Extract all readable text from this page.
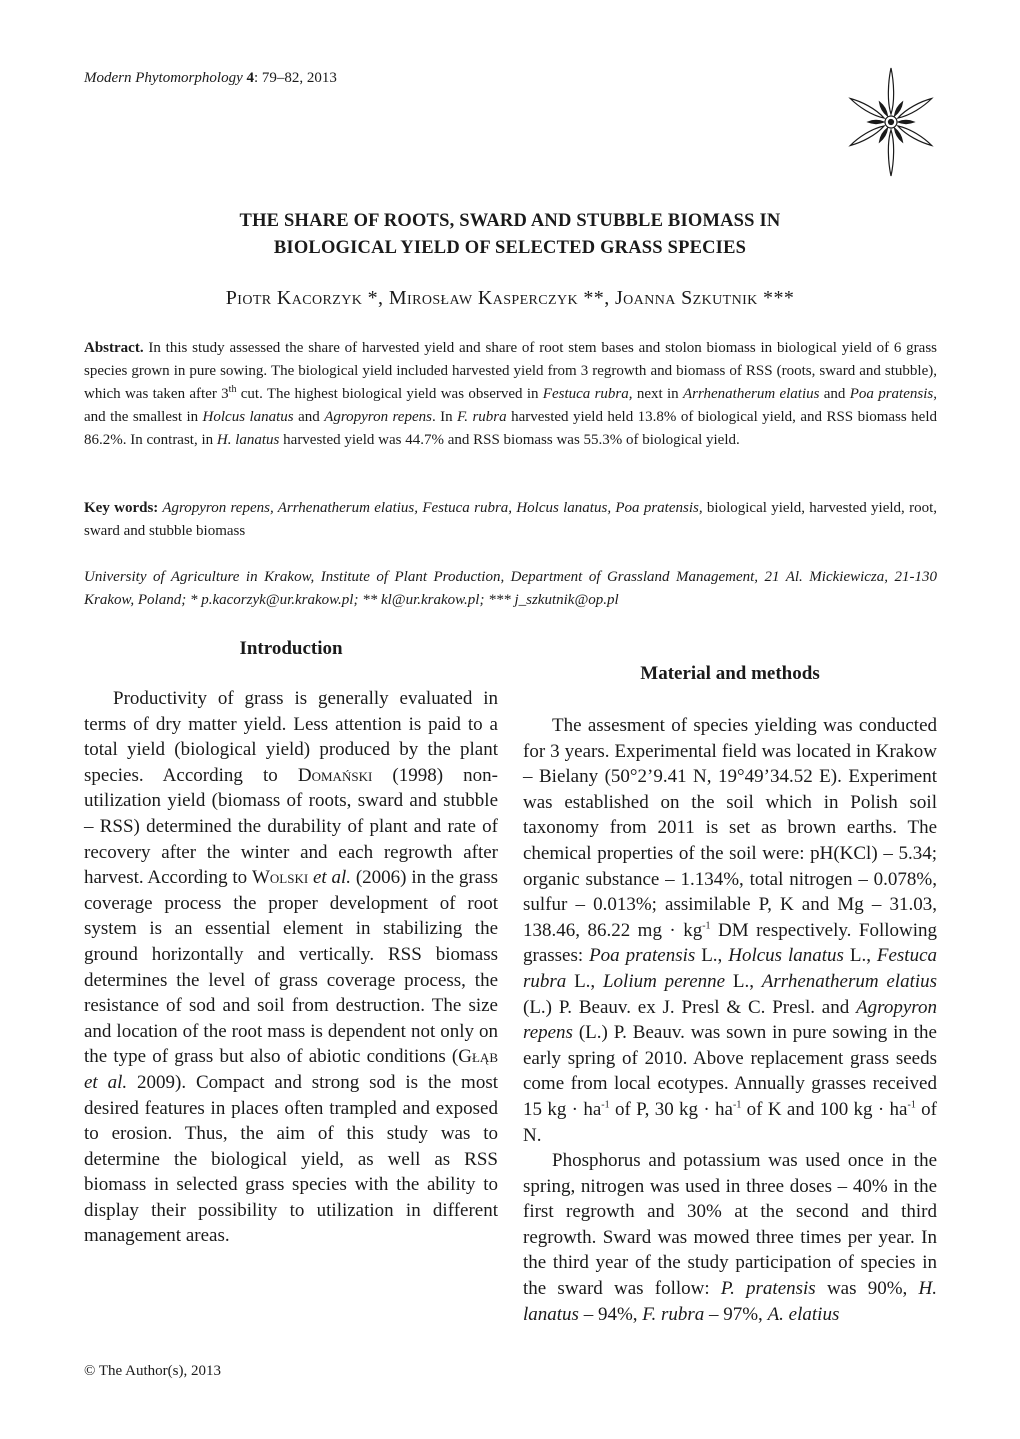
Modern Phytomorphology 4: 79–82, 2013
THE SHARE OF ROOTS, SWARD AND STUBBLE BIOMASS IN
BIOLOGICAL YIELD OF SELECTED GRASS SPECIES
Piotr Kacorzyk *, Mirosław Kasperczyk **, Joanna Szkutnik ***
Abstract. In this study assessed the share of harvested yield and share of root stem bases and stolon biomass in biological yield of 6 grass species grown in pure sowing. The biological yield included harvested yield from 3 regrowth and biomass of RSS (roots, sward and stubble), which was taken after 3th cut. The highest biological yield was observed in Festuca rubra, next in Arrhenatherum elatius and Poa pratensis, and the smallest in Holcus lanatus and Agropyron repens. In F. rubra harvested yield held 13.8% of biological yield, and RSS biomass held 86.2%. In contrast, in H. lanatus harvested yield was 44.7% and RSS biomass was 55.3% of biological yield.
Key words: Agropyron repens, Arrhenatherum elatius, Festuca rubra, Holcus lanatus, Poa pratensis, biological yield, harvested yield, root, sward and stubble biomass
University of Agriculture in Krakow, Institute of Plant Production, Department of Grassland Management, 21 Al. Mickiewicza, 21-130 Krakow, Poland; * p.kacorzyk@ur.krakow.pl; ** kl@ur.krakow.pl; *** j_szkutnik@op.pl
Introduction

Productivity of grass is generally evaluated in terms of dry matter yield. Less attention is paid to a total yield (biological yield) produced by the plant species. According to Domański (1998) non-utilization yield (biomass of roots, sward and stubble – RSS) determined the durability of plant and rate of recovery after the winter and each regrowth after harvest. According to Wolski et al. (2006) in the grass coverage process the proper development of root system is an essential element in stabilizing the ground horizontally and vertically. RSS biomass determines the level of grass coverage process, the resistance of sod and soil from destruction. The size and location of the root mass is dependent not only on the type of grass but also of abiotic conditions (Głąb et al. 2009). Compact and strong sod is the most desired features in places often trampled and exposed to erosion. Thus, the aim of this study was to determine the biological yield, as well as RSS biomass in selected grass species with the ability to display their possibility to utilization in different management areas.

Material and methods

The assesment of species yielding was conducted for 3 years. Experimental field was located in Krakow – Bielany (50°2’9.41 N, 19°49’34.52 E). Experiment was established on the soil which in Polish soil taxonomy from 2011 is set as brown earths. The chemical properties of the soil were: pH(KCl) – 5.34; organic substance – 1.134%, total nitrogen – 0.078%, sulfur – 0.013%; assimilable P, K and Mg – 31.03, 138.46, 86.22 mg · $kg^{-1}$ DM respectively. Following grasses: Poa pratensis L., Holcus lanatus L., Festuca rubra L., Lolium perenne L., Arrhenatherum elatius (L.) P. Beauv. ex J. Presl & C. Presl. and Agropyron repens (L.) P. Beauv. was sown in pure sowing in the early spring of 2010. Above replacement grass seeds come from local ecotypes. Annually grasses received 15 kg · $ha^{-1}$ of P, 30 kg · $ha^{-1}$ of K and 100 kg · $ha^{-1}$ of N.

Phosphorus and potassium was used once in the spring, nitrogen was used in three doses – 40% in the first regrowth and 30% at the second and third regrowth. Sward was mowed three times per year. In the third year of the study participation of species in the sward was follow: P. pratensis was 90%, H. lanatus – 94%, F. rubra – 97%, A. elatius

© The Author(s), 2013
